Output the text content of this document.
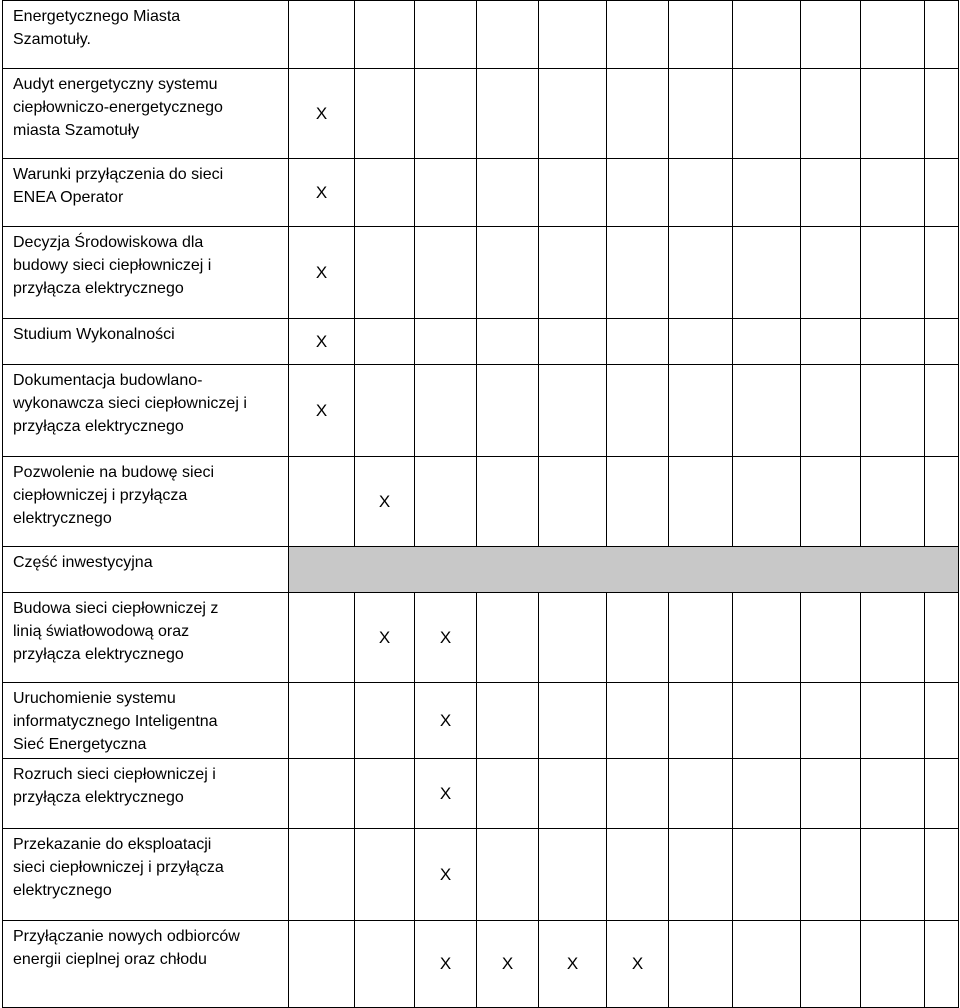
Energetycznego Miasta
Szamotuły.											

Audyt energetyczny systemu
ciepłowniczo-energetycznego
miasta Szamotuły	X										

Warunki przyłączenia do sieci
ENEA Operator	X										

Decyzja Środowiskowa dla
budowy sieci ciepłowniczej i
przyłącza elektrycznego	X										

Studium Wykonalności	X										

Dokumentacja budowlano-
wykonawcza sieci ciepłowniczej i
przyłącza elektrycznego	X										

Pozwolenie na budowę sieci
ciepłowniczej i przyłącza
elektrycznego		X									

Część inwestycyjna											

Budowa sieci ciepłowniczej z
linią światłowodową oraz
przyłącza elektrycznego		X	X								

Uruchomienie systemu
informatycznego Inteligentna
Sieć Energetyczna			X								

Rozruch sieci ciepłowniczej i
przyłącza elektrycznego			X								

Przekazanie do eksploatacji
sieci ciepłowniczej i przyłącza
elektrycznego			X								

Przyłączanie nowych odbiorców
energii cieplnej oraz chłodu			X	X	X	X					
